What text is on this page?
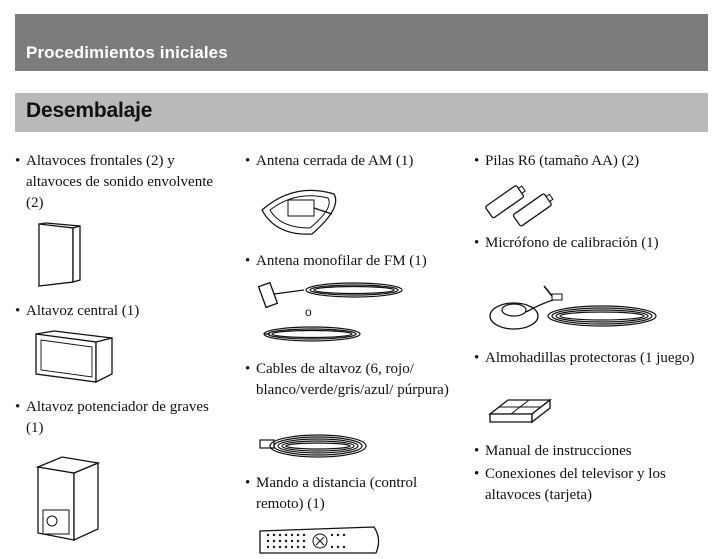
Procedimientos iniciales
Desembalaje
• Altavoces frontales (2) y altavoces de sonido envolvente (2)
• Altavoz central (1)
• Altavoz potenciador de graves (1)
• Antena cerrada de AM (1)
• Antena monofilar de FM (1)
o
• Cables de altavoz (6, rojo/ blanco/verde/gris/azul/ púrpura)
• Mando a distancia (control remoto) (1)
• Pilas R6 (tamaño AA) (2)
• Micrófono de calibración (1)
• Almohadillas protectoras (1 juego)
• Manual de instrucciones
• Conexiones del televisor y los altavoces (tarjeta)
